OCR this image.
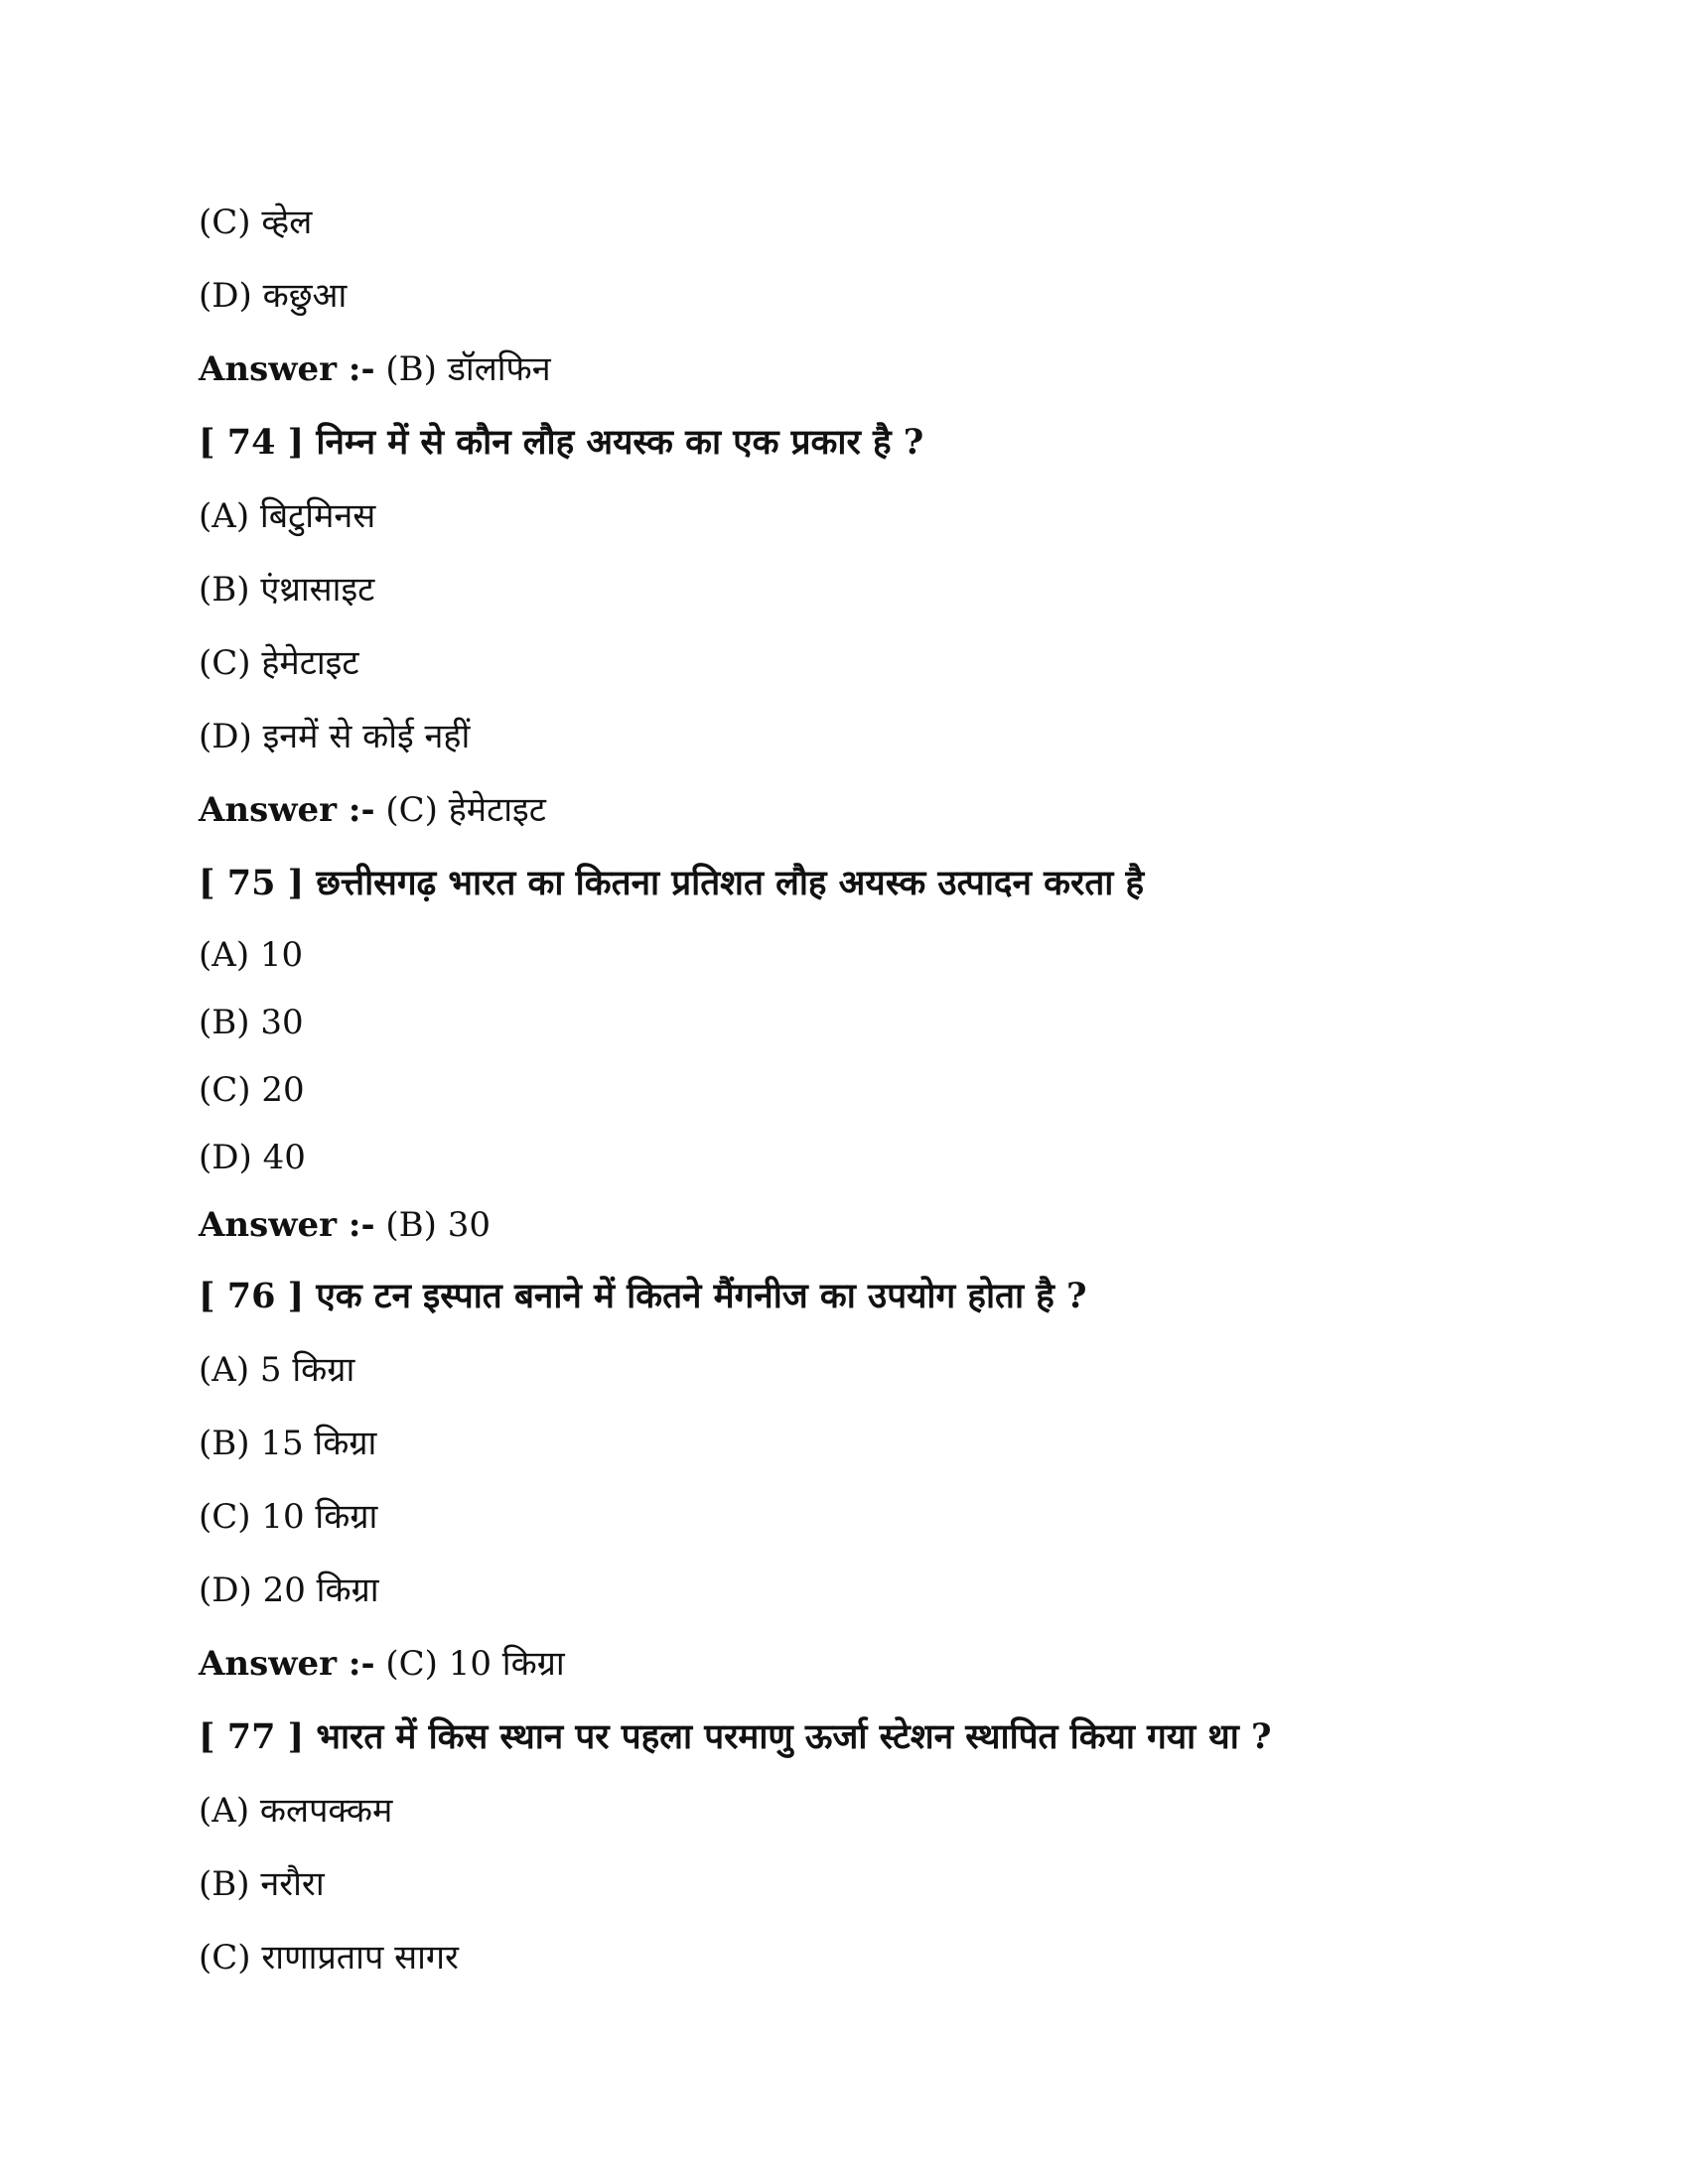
(C) व्हेल
(D) कछुआ
Answer :- (B) डॉलफिन
[ 74 ] निम्न में से कौन लौह अयस्क का एक प्रकार है ?
(A) बिटुमिनस
(B) एंथ्रासाइट
(C) हेमेटाइट
(D) इनमें से कोई नहीं
Answer :- (C) हेमेटाइट
[ 75 ] छत्तीसगढ़ भारत का कितना प्रतिशत लौह अयस्क उत्पादन करता है
(A) 10
(B) 30
(C) 20
(D) 40
Answer :- (B) 30
[ 76 ] एक टन इस्पात बनाने में कितने मैंगनीज का उपयोग होता है ?
(A) 5 किग्रा
(B) 15 किग्रा
(C) 10 किग्रा
(D) 20 किग्रा
Answer :- (C) 10 किग्रा
[ 77 ] भारत में किस स्थान पर पहला परमाणु ऊर्जा स्टेशन स्थापित किया गया था ?
(A) कलपक्कम
(B) नरौरा
(C) राणाप्रताप सागर
